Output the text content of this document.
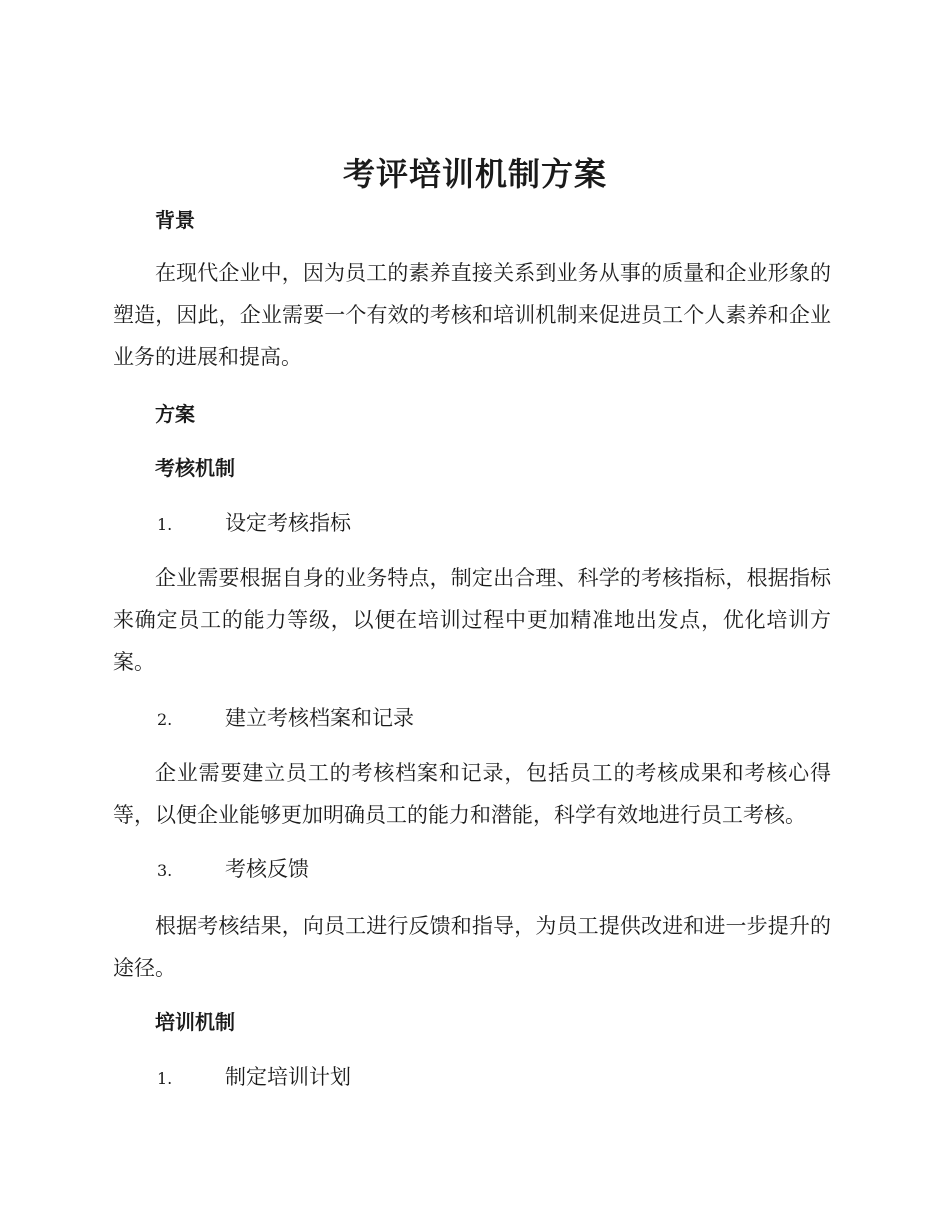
考评培训机制方案
背景

在现代企业中，因为员工的素养直接关系到业务从事的质量和企业形象的塑造，因此，企业需要一个有效的考核和培训机制来促进员工个人素养和企业业务的进展和提高。

方案
考核机制
1.	设定考核指标

企业需要根据自身的业务特点，制定出合理、科学的考核指标，根据指标来确定员工的能力等级，以便在培训过程中更加精准地出发点，优化培训方案。

2.	建立考核档案和记录

企业需要建立员工的考核档案和记录，包括员工的考核成果和考核心得等，以便企业能够更加明确员工的能力和潜能，科学有效地进行员工考核。

3.	考核反馈

根据考核结果，向员工进行反馈和指导，为员工提供改进和进一步提升的途径。

培训机制
1.	制定培训计划
